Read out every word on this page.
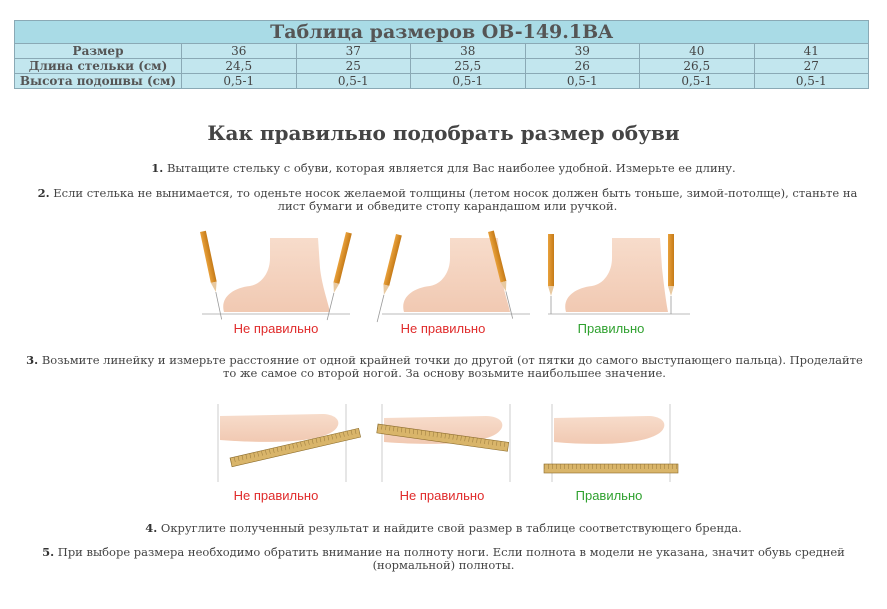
Таблица размеров OB-149.1BA						
Размер	36	37	38	39	40	41
Длина стельки (см)	24,5	25	25,5	26	26,5	27
Высота подошвы (см)	0,5-1	0,5-1	0,5-1	0,5-1	0,5-1	0,5-1
Как правильно подобрать размер обуви
1. Вытащите стельку с обуви, которая является для Вас наиболее удобной. Измерьте ее длину.
2. Если стелька не вынимается, то оденьте носок желаемой толщины (летом носок должен быть тоньше, зимой-потолще), станьте на лист бумаги и обведите стопу карандашом или ручкой.
Не правильно	Не правильно	Правильно
3. Возьмите линейку и измерьте расстояние от одной крайней точки до другой (от пятки до самого выступающего пальца). Проделайте то же самое со второй ногой. За основу возьмите наибольшее значение.
Не правильно	Не правильно	Правильно
4. Округлите полученный результат и найдите свой размер в таблице соответствующего бренда.
5. При выборе размера необходимо обратить внимание на полноту ноги. Если полнота в модели не указана, значит обувь средней (нормальной) полноты.
